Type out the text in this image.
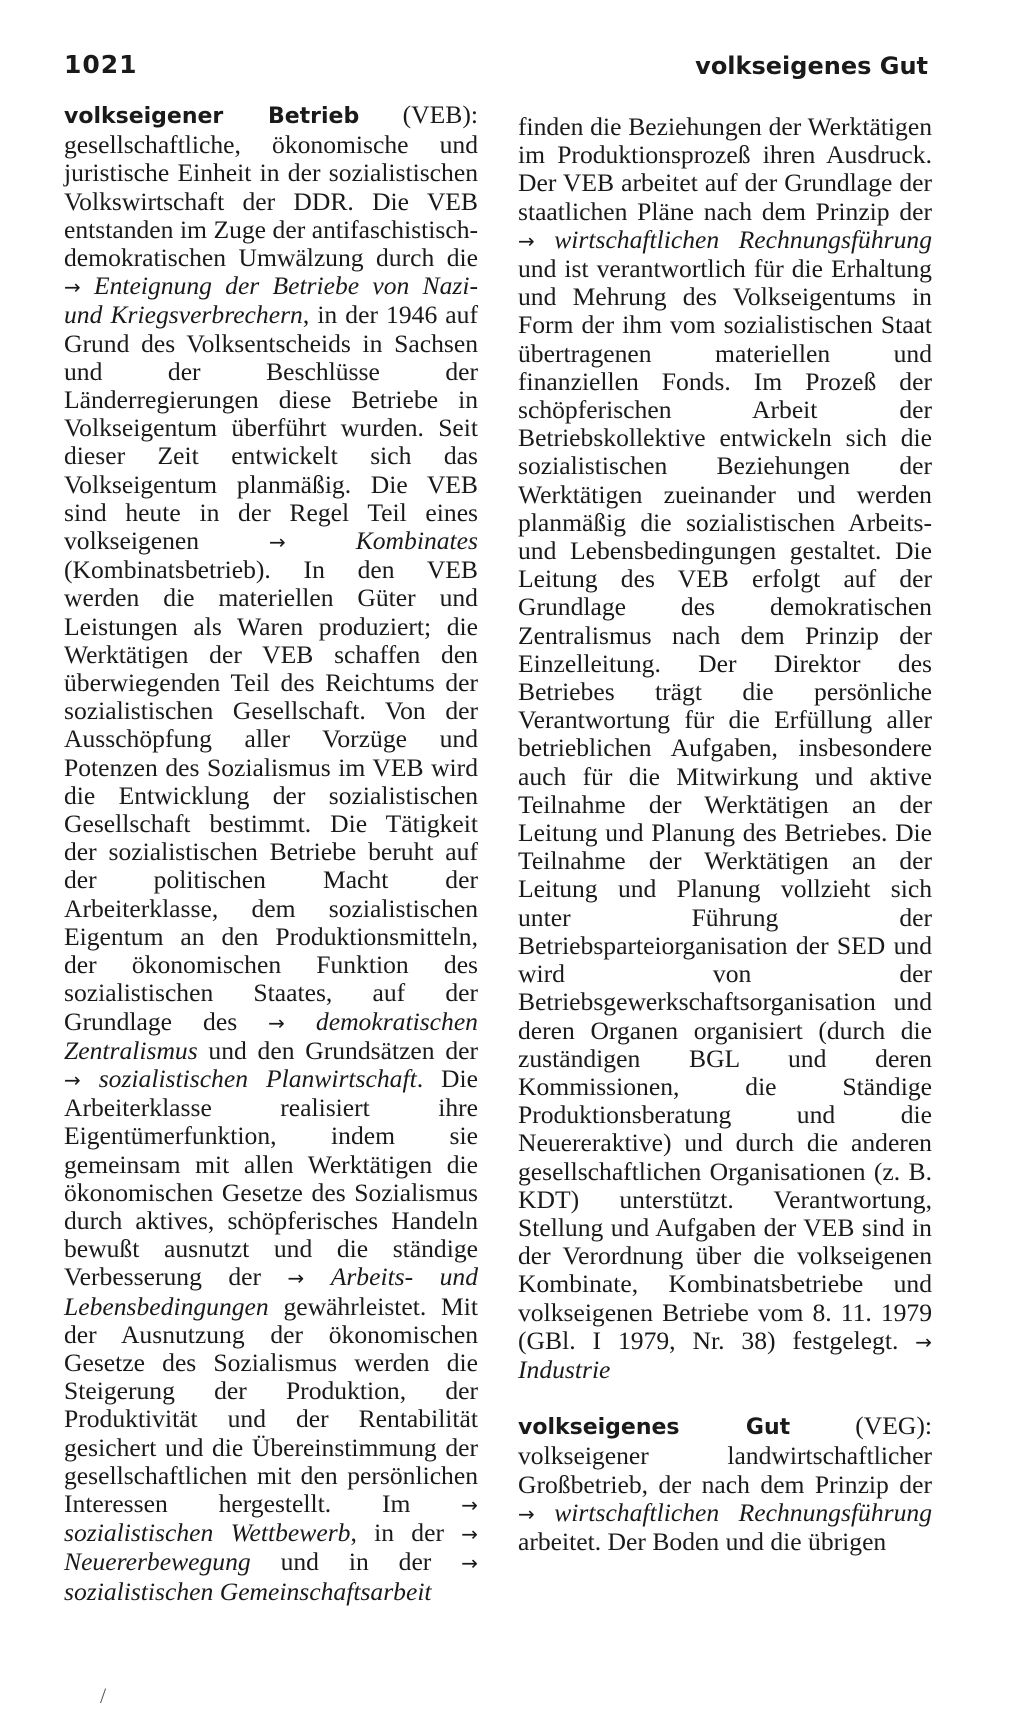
1021	volkseigenes Gut

volkseigener Betrieb (VEB): gesellschaftliche, ökonomische und juristische Einheit in der sozialistischen Volkswirtschaft der DDR. Die VEB entstanden im Zuge der antifaschistisch-demokratischen Umwälzung durch die → Enteignung der Betriebe von Nazi- und Kriegsverbrechern, in der 1946 auf Grund des Volksentscheids in Sachsen und	der	Beschlüsse	der Länderregierungen diese Betriebe in Volkseigentum überführt wurden. Seit dieser Zeit entwickelt sich das Volkseigentum planmäßig. Die VEB sind heute in der Regel Teil eines volkseigenen	→	Kombinates (Kombinatsbetrieb). In den VEB werden die materiellen Güter und Leistungen als Waren produziert; die Werktätigen der VEB schaffen den überwiegenden Teil des Reichtums der sozialistischen Gesellschaft. Von der Ausschöpfung aller Vorzüge und Potenzen des Sozialismus im VEB wird die Entwicklung der sozialistischen Gesellschaft bestimmt. Die Tätigkeit der sozialistischen Betriebe beruht auf der politischen Macht der Arbeiterklasse, dem sozialistischen Eigentum an den Produktionsmitteln, der ökonomischen Funktion des sozialistischen Staates, auf der Grundlage des → demokratischen Zentralismus und den Grundsätzen der → sozialistischen Planwirtschaft. Die Arbeiterklasse	realisiert	ihre Eigentümerfunktion, indem sie gemeinsam mit allen Werktätigen die ökonomischen Gesetze des Sozialismus durch aktives, schöpferisches Handeln bewußt ausnutzt und die ständige Verbesserung der → Arbeits- und Lebensbedingungen gewährleistet. Mit der Ausnutzung der ökonomischen Gesetze des Sozialismus werden die Steigerung der Produktion, der Produktivität und der Rentabilität gesichert und die Übereinstimmung der gesellschaftlichen mit den persönlichen Interessen hergestellt. Im	→ sozialistischen Wettbewerb, in der → Neuererbewegung und in der → sozialistischen Gemeinschaftsarbeit

finden die Beziehungen der Werktätigen im Produktionsprozeß ihren Ausdruck. Der VEB arbeitet auf der Grundlage der staatlichen Pläne nach dem Prinzip der → wirtschaftlichen Rechnungsführung und ist verantwortlich für die Erhaltung und Mehrung des Volkseigentums in Form der ihm vom sozialistischen Staat übertragenen materiellen und finanziellen Fonds. Im Prozeß der schöpferischen	Arbeit	der Betriebskollektive entwickeln sich die sozialistischen Beziehungen der Werktätigen zueinander und werden planmäßig die sozialistischen Arbeits- und Lebensbedingungen gestaltet. Die Leitung des VEB erfolgt auf der Grundlage des demokratischen Zentralismus nach dem Prinzip der Einzelleitung. Der Direktor des Betriebes trägt die persönliche Verantwortung für die Erfüllung aller betrieblichen Aufgaben, insbesondere auch für die Mitwirkung und aktive Teilnahme der Werktätigen an der Leitung und Planung des Betriebes. Die Teilnahme der Werktätigen an der Leitung und Planung vollzieht sich unter	Führung	der Betriebsparteiorganisation der SED und wird	von	der Betriebsgewerkschaftsorganisation und deren Organen organisiert (durch die zuständigen BGL und deren Kommissionen,	die	Ständige Produktionsberatung	und	die Neuereraktive) und durch die anderen gesellschaftlichen Organisationen (z. B. KDT) unterstützt. Verantwortung, Stellung und Aufgaben der VEB sind in der Verordnung über die volkseigenen Kombinate, Kombinatsbetriebe und volkseigenen Betriebe vom 8. 11. 1979 (GBl. I 1979, Nr. 38) festgelegt. → Industrie

volkseigenes Gut	(VEG): volkseigener	landwirtschaftlicher Großbetrieb, der nach dem Prinzip der → wirtschaftlichen Rechnungsführung arbeitet. Der Boden und die übrigen

/
